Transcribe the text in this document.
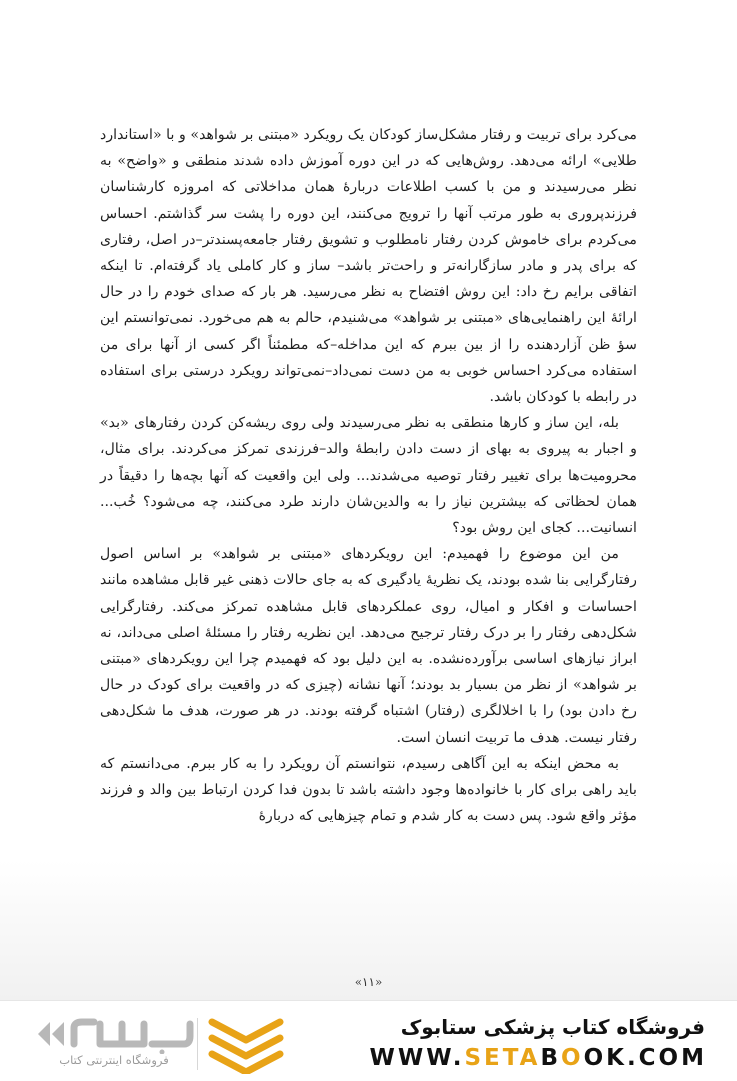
می‌کرد برای تربیت و رفتار مشکل‌ساز کودکان یک رویکرد «مبتنی بر شواهد» و با «استاندارد طلایی» ارائه می‌دهد. روش‌هایی که در این دوره آموزش داده شدند منطقی و «واضح» به نظر می‌رسیدند و من با کسب اطلاعات دربارهٔ همان مداخلاتی که امروزه کارشناسان فرزندپروری به طور مرتب آنها را ترویج می‌کنند، این دوره را پشت سر گذاشتم. احساس می‌کردم برای خاموش کردن رفتار نامطلوب و تشویق رفتار جامعه‌پسندتر–در اصل، رفتاری که برای پدر و مادر سازگارانه‌تر و راحت‌تر باشد– ساز و کار کاملی یاد گرفته‌ام. تا اینکه اتفاقی برایم رخ داد: این روش افتضاح به نظر می‌رسید. هر بار که صدای خودم را در حال ارائهٔ این راهنمایی‌های «مبتنی بر شواهد» می‌شنیدم، حالم به هم می‌خورد. نمی‌توانستم این سؤ ظن آزاردهنده را از بین ببرم که این مداخله–که مطمئناً اگر کسی از آنها برای من استفاده می‌کرد احساس خوبی به من دست نمی‌داد–نمی‌تواند رویکرد درستی برای استفاده در رابطه با کودکان باشد.

بله، این ساز و کارها منطقی به نظر می‌رسیدند ولی روی ریشه‌کن کردن رفتارهای «بد» و اجبار به پیروی به بهای از دست دادن رابطهٔ والد–فرزندی تمرکز می‌کردند. برای مثال، محرومیت‌ها برای تغییر رفتار توصیه می‌شدند... ولی این واقعیت که آنها بچه‌ها را دقیقاً در همان لحظاتی که بیشترین نیاز را به والدین‌شان دارند طرد می‌کنند، چه می‌شود؟ خُب... انسانیت... کجای این روش بود؟

من این موضوع را فهمیدم: این رویکردهای «مبتنی بر شواهد» بر اساس اصول رفتارگرایی بنا شده بودند، یک نظریهٔ یادگیری که به جای حالات ذهنی غیر قابل مشاهده مانند احساسات و افکار و امیال، روی عملکردهای قابل مشاهده تمرکز می‌کند. رفتارگرایی شکل‌دهی رفتار را بر درک رفتار ترجیح می‌دهد. این نظریه رفتار را مسئلهٔ اصلی می‌داند، نه ابراز نیازهای اساسی برآورده‌نشده. به این دلیل بود که فهمیدم چرا این رویکردهای «مبتنی بر شواهد» از نظر من بسیار بد بودند؛ آنها نشانه (چیزی که در واقعیت برای کودک در حال رخ دادن بود) را با اخلالگری (رفتار) اشتباه گرفته بودند. در هر صورت، هدف ما شکل‌دهی رفتار نیست. هدف ما تربیت انسان است.

به محض اینکه به این آگاهی رسیدم، نتوانستم آن رویکرد را به کار ببرم. می‌دانستم که باید راهی برای کار با خانواده‌ها وجود داشته باشد تا بدون فدا کردن ارتباط بین والد و فرزند مؤثر واقع شود. پس دست به کار شدم و تمام چیزهایی که دربارهٔ

«۱۱»
فروشگاه کتاب پزشکی ستابوک
WWW.SETABOOK.COM
فروشگاه اینترنتی کتاب
